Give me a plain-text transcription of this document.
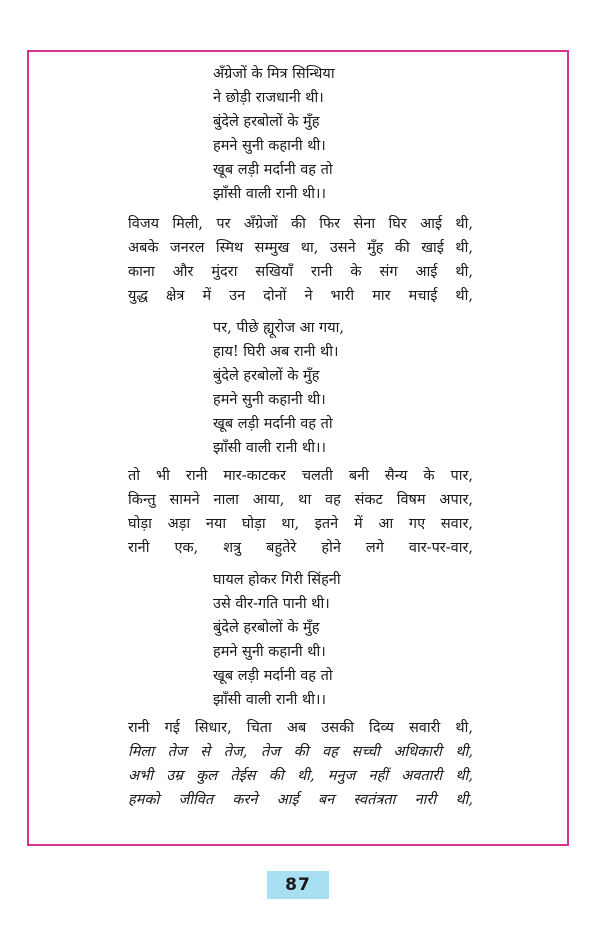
अँग्रेजों के मित्र सिन्धिया
ने छोड़ी राजधानी थी।
बुंदेले हरबोलों के मुँह
हमने सुनी कहानी थी।
खूब लड़ी मर्दानी वह तो
झाँसी वाली रानी थी।।
विजय मिली, पर अँग्रेजों की फिर सेना घिर आई थी,
अबके जनरल स्मिथ सम्मुख था, उसने मुँह की खाई थी,
काना और मुंदरा सखियाँ रानी के संग आई थी,
युद्ध क्षेत्र में उन दोनों ने भारी मार मचाई थी,
पर, पीछे ह्यूरोज आ गया,
हाय! घिरी अब रानी थी।
बुंदेले हरबोलों के मुँह
हमने सुनी कहानी थी।
खूब लड़ी मर्दानी वह तो
झाँसी वाली रानी थी।।
तो भी रानी मार-काटकर चलती बनी सैन्य के पार,
किन्तु सामने नाला आया, था वह संकट विषम अपार,
घोड़ा अड़ा नया घोड़ा था, इतने में आ गए सवार,
रानी एक, शत्रु बहुतेरे होने लगे वार-पर-वार,
घायल होकर गिरी सिंहनी
उसे वीर-गति पानी थी।
बुंदेले हरबोलों के मुँह
हमने सुनी कहानी थी।
खूब लड़ी मर्दानी वह तो
झाँसी वाली रानी थी।।
रानी गई सिधार, चिता अब उसकी दिव्य सवारी थी,
मिला तेज से तेज, तेज की वह सच्ची अधिकारी थी,
अभी उम्र कुल तेईस की थी, मनुज नहीं अवतारी थी,
हमको जीवित करने आई बन स्वतंत्रता नारी थी,
87
